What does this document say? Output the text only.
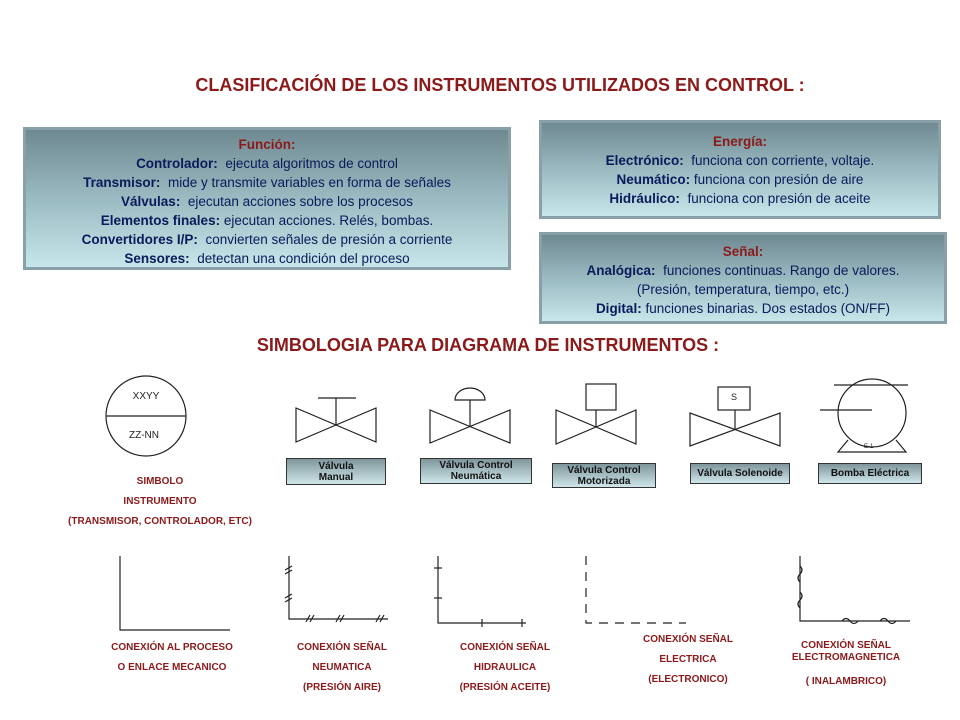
CLASIFICACIÓN DE LOS INSTRUMENTOS UTILIZADOS EN CONTROL :
Función:
Controlador: ejecuta algoritmos de control
Transmisor: mide y transmite variables en forma de señales
Válvulas: ejecutan acciones sobre los procesos
Elementos finales: ejecutan acciones. Relés, bombas.
Convertidores I/P: convierten señales de presión a corriente
Sensores: detectan una condición del proceso
Energía:
Electrónico: funciona con corriente, voltaje.
Neumático: funciona con presión de aire
Hidráulico: funciona con presión de aceite
Señal:
Analógica: funciones continuas. Rango de valores.
(Presión, temperatura, tiempo, etc.)
Digital: funciones binarias. Dos estados (ON/FF)
SIMBOLOGIA PARA DIAGRAMA DE INSTRUMENTOS :
XXYY
ZZ-NN
SIMBOLO
INSTRUMENTO
(TRANSMISOR, CONTROLADOR, ETC)
S
E-1
Válvula
Manual
Válvula Control
Neumática
Válvula Control
Motorizada
Válvula Solenoide	Bomba Eléctrica
CONEXIÓN AL PROCESO
O ENLACE MECANICO
CONEXIÓN SEÑAL
NEUMATICA
(PRESIÓN AIRE)
CONEXIÓN SEÑAL
HIDRAULICA
(PRESIÓN ACEITE)
CONEXIÓN SEÑAL
ELECTRICA
(ELECTRONICO)
CONEXIÓN SEÑAL
ELECTROMAGNETICA
( INALAMBRICO)
